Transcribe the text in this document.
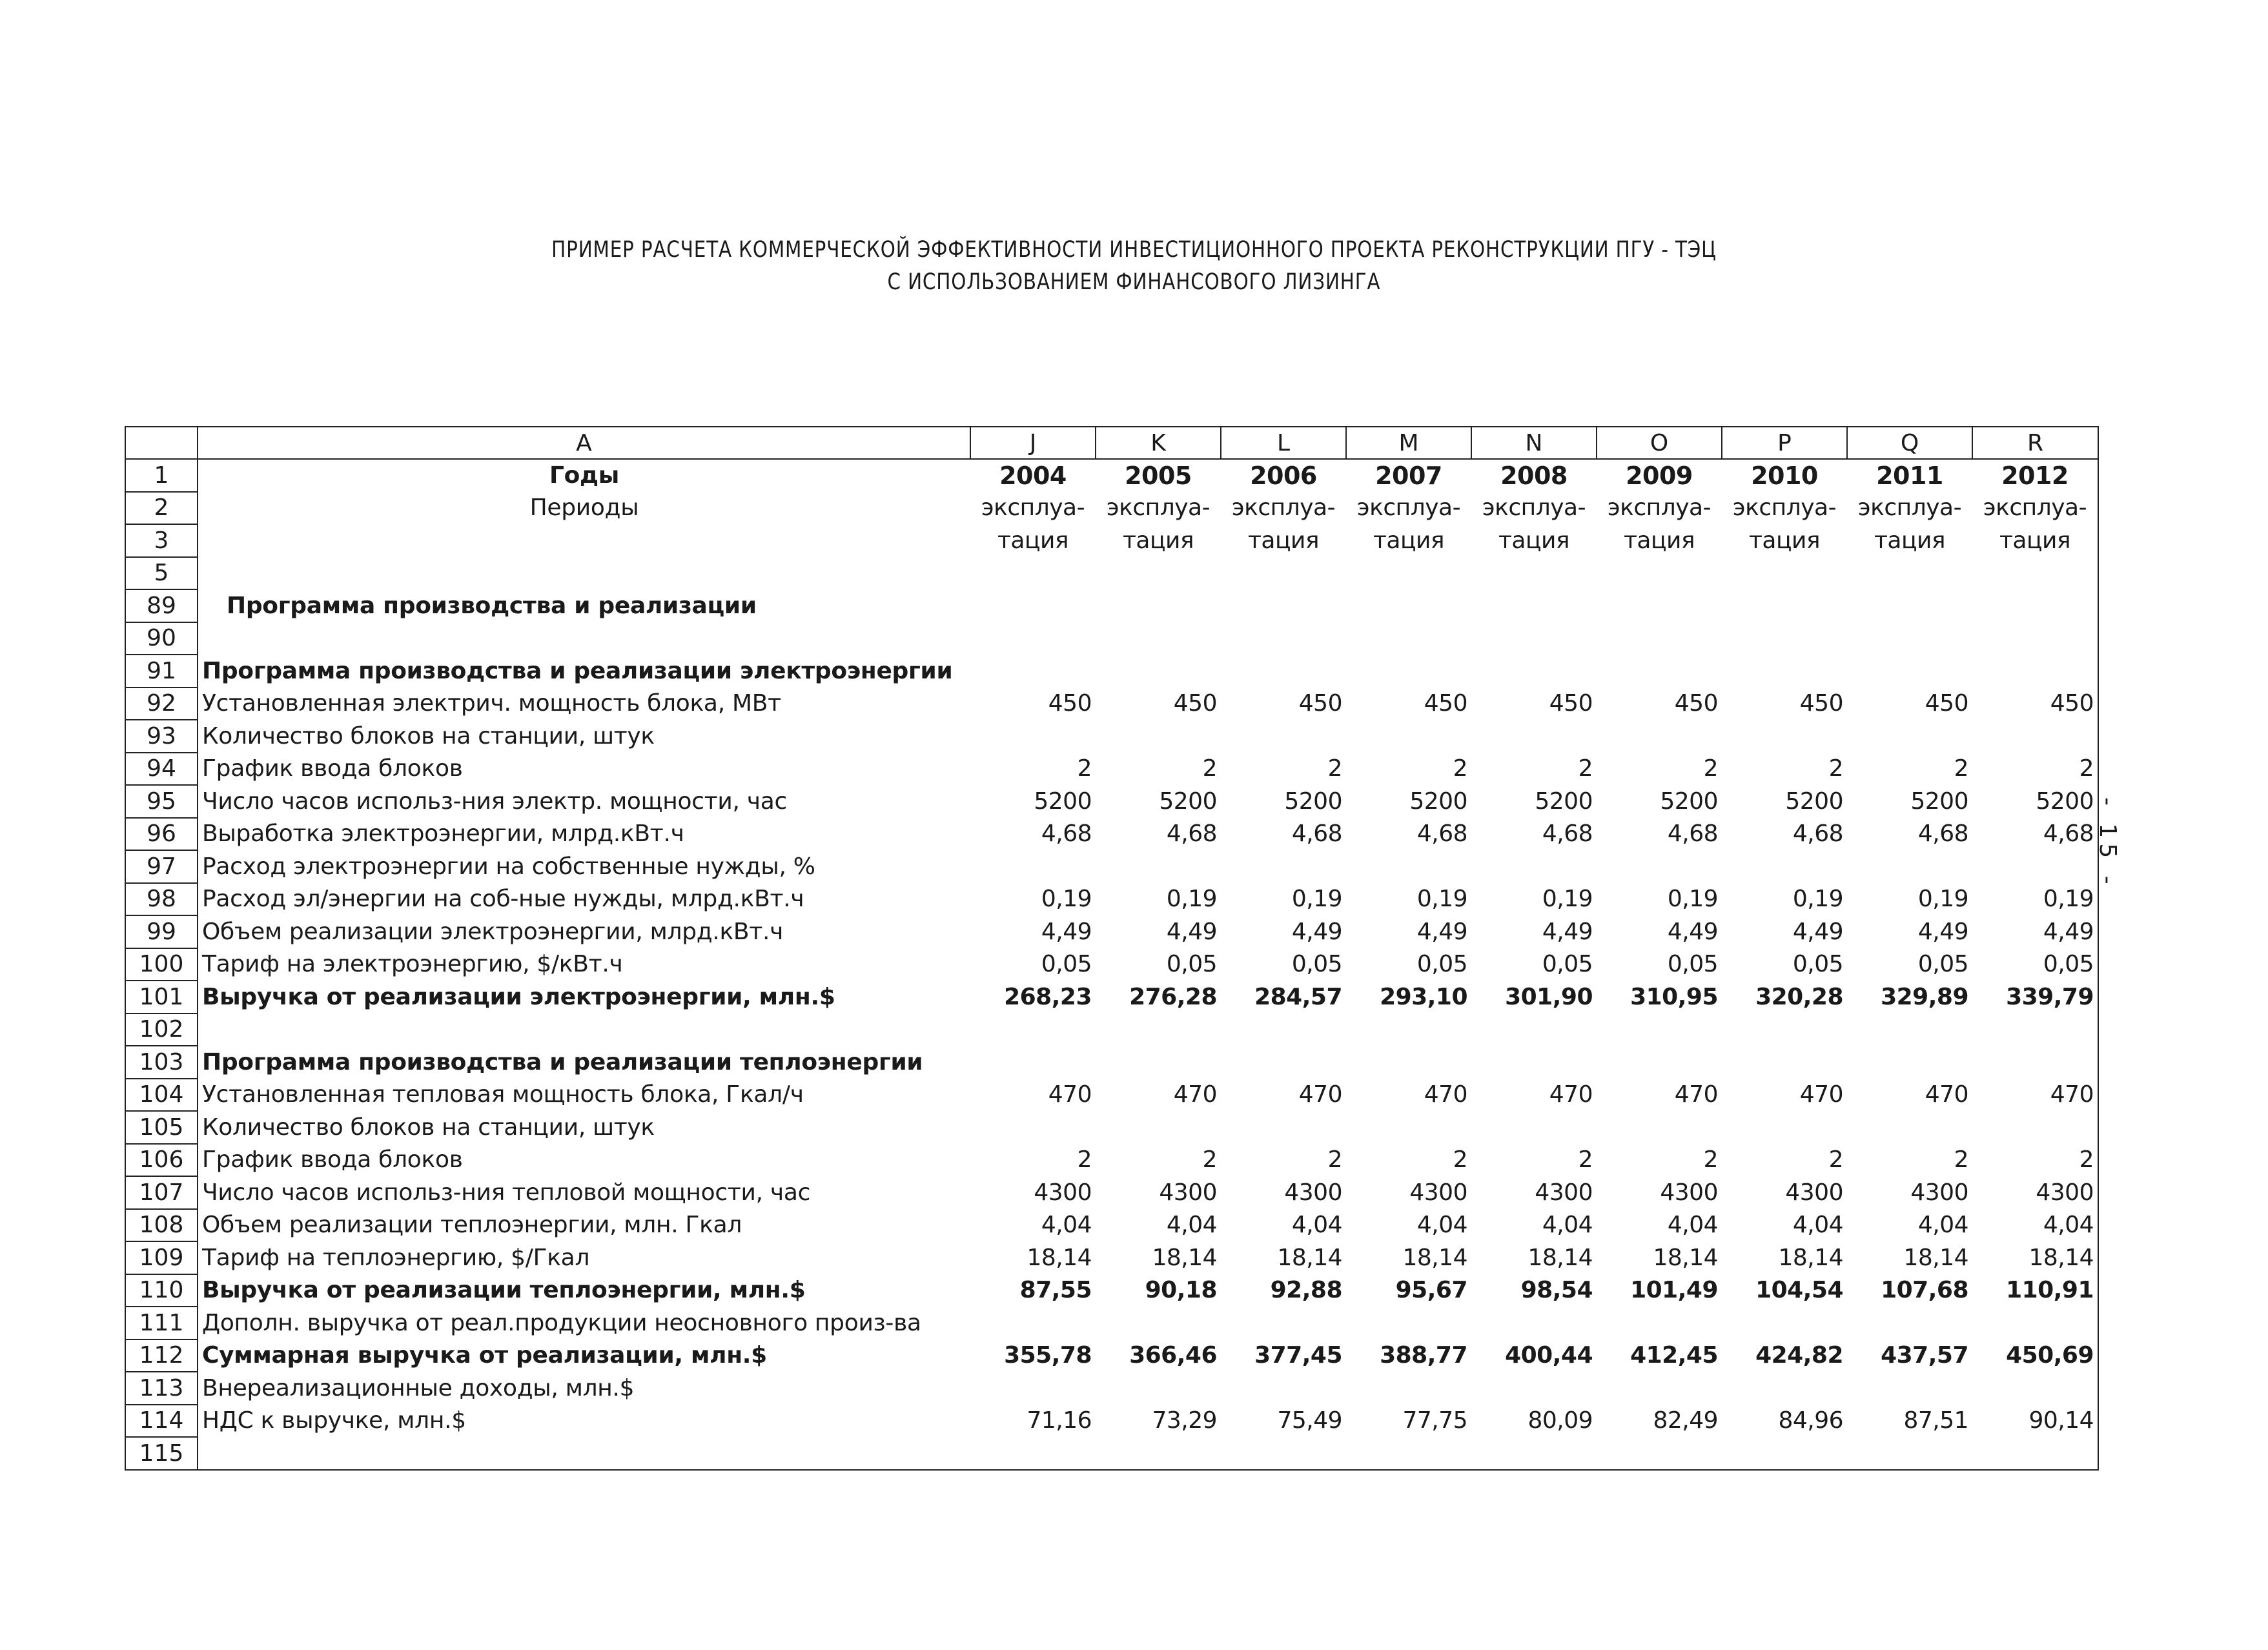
ПРИМЕР РАСЧЕТА КОММЕРЧЕСКОЙ ЭФФЕКТИВНОСТИ ИНВЕСТИЦИОННОГО ПРОЕКТА РЕКОНСТРУКЦИИ ПГУ - ТЭЦ
С ИСПОЛЬЗОВАНИЕМ ФИНАНСОВОГО ЛИЗИНГА
- 15 -
	A	J	K	L	M	N	O	P	Q	R
1	Годы	2004	2005	2006	2007	2008	2009	2010	2011	2012
2	Периоды	эксплуа-	эксплуа-	эксплуа-	эксплуа-	эксплуа-	эксплуа-	эксплуа-	эксплуа-	эксплуа-
3		тация	тация	тация	тация	тация	тация	тация	тация	тация
5										
89	Программа производства и реализации									
90										
91	Программа производства и реализации электроэнергии									
92	Установленная электрич. мощность блока, МВт	450	450	450	450	450	450	450	450	450
93	Количество блоков на станции, штук									
94	График ввода блоков	2	2	2	2	2	2	2	2	2
95	Число часов использ-ния электр. мощности, час	5200	5200	5200	5200	5200	5200	5200	5200	5200
96	Выработка электроэнергии, млрд.кВт.ч	4,68	4,68	4,68	4,68	4,68	4,68	4,68	4,68	4,68
97	Расход электроэнергии на собственные нужды, %									
98	Расход эл/энергии на соб-ные нужды, млрд.кВт.ч	0,19	0,19	0,19	0,19	0,19	0,19	0,19	0,19	0,19
99	Объем реализации электроэнергии, млрд.кВт.ч	4,49	4,49	4,49	4,49	4,49	4,49	4,49	4,49	4,49
100	Тариф на электроэнергию, $/кВт.ч	0,05	0,05	0,05	0,05	0,05	0,05	0,05	0,05	0,05
101	Выручка от реализации электроэнергии, млн.$	268,23	276,28	284,57	293,10	301,90	310,95	320,28	329,89	339,79
102										
103	Программа производства и реализации теплоэнергии									
104	Установленная тепловая мощность блока, Гкал/ч	470	470	470	470	470	470	470	470	470
105	Количество блоков на станции, штук									
106	График ввода блоков	2	2	2	2	2	2	2	2	2
107	Число часов использ-ния тепловой мощности, час	4300	4300	4300	4300	4300	4300	4300	4300	4300
108	Объем реализации теплоэнергии, млн. Гкал	4,04	4,04	4,04	4,04	4,04	4,04	4,04	4,04	4,04
109	Тариф на теплоэнергию, $/Гкал	18,14	18,14	18,14	18,14	18,14	18,14	18,14	18,14	18,14
110	Выручка от реализации теплоэнергии, млн.$	87,55	90,18	92,88	95,67	98,54	101,49	104,54	107,68	110,91
111	Дополн. выручка от реал.продукции неосновного произ-ва									
112	Суммарная выручка от реализации, млн.$	355,78	366,46	377,45	388,77	400,44	412,45	424,82	437,57	450,69
113	Внереализационные доходы, млн.$									
114	НДС к выручке, млн.$	71,16	73,29	75,49	77,75	80,09	82,49	84,96	87,51	90,14
115										
